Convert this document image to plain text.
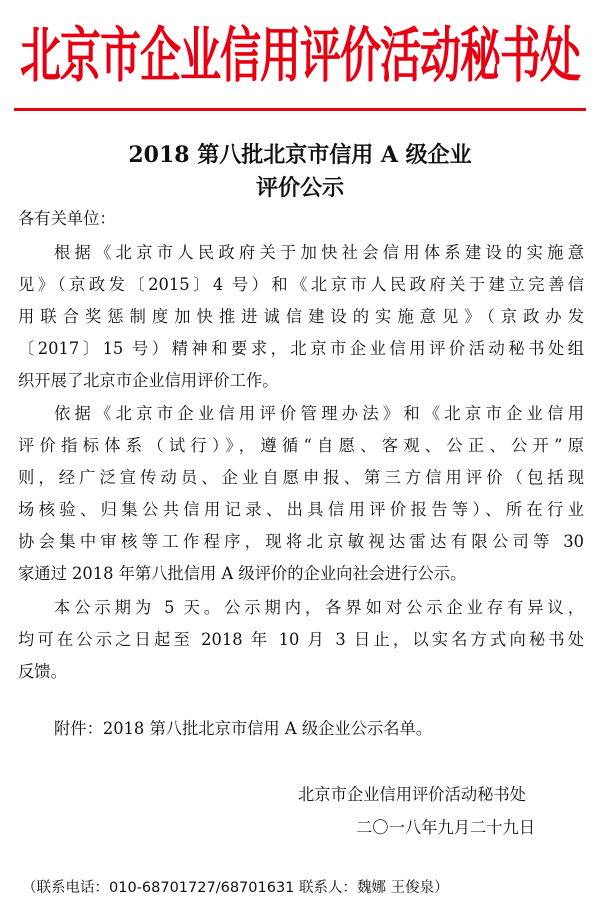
北京市企业信用评价活动秘书处
2018 第八批北京市信用 A 级企业
评价公示
各有关单位：
根据《北京市人民政府关于加快社会信用体系建设的实施意
见》（京政发〔2015〕4 号）和《北京市人民政府关于建立完善信
用联合奖惩制度加快推进诚信建设的实施意见》（京政办发
〔2017〕15 号）精神和要求，北京市企业信用评价活动秘书处组
织开展了北京市企业信用评价工作。
依据《北京市企业信用评价管理办法》和《北京市企业信用
评价指标体系（试行）》，遵循“自愿、客观、公正、公开”原
则，经广泛宣传动员、企业自愿申报、第三方信用评价（包括现
场核验、归集公共信用记录、出具信用评价报告等）、所在行业
协会集中审核等工作程序，现将北京敏视达雷达有限公司等 30
家通过 2018 年第八批信用 A 级评价的企业向社会进行公示。
本公示期为 5 天。公示期内，各界如对公示企业存有异议，
均可在公示之日起至 2018 年 10 月 3 日止，以实名方式向秘书处
反馈。
附件：2018 第八批北京市信用 A 级企业公示名单。
北京市企业信用评价活动秘书处
二〇一八年九月二十九日
（联系电话：010-68701727/68701631 联系人：魏娜 王俊泉）
